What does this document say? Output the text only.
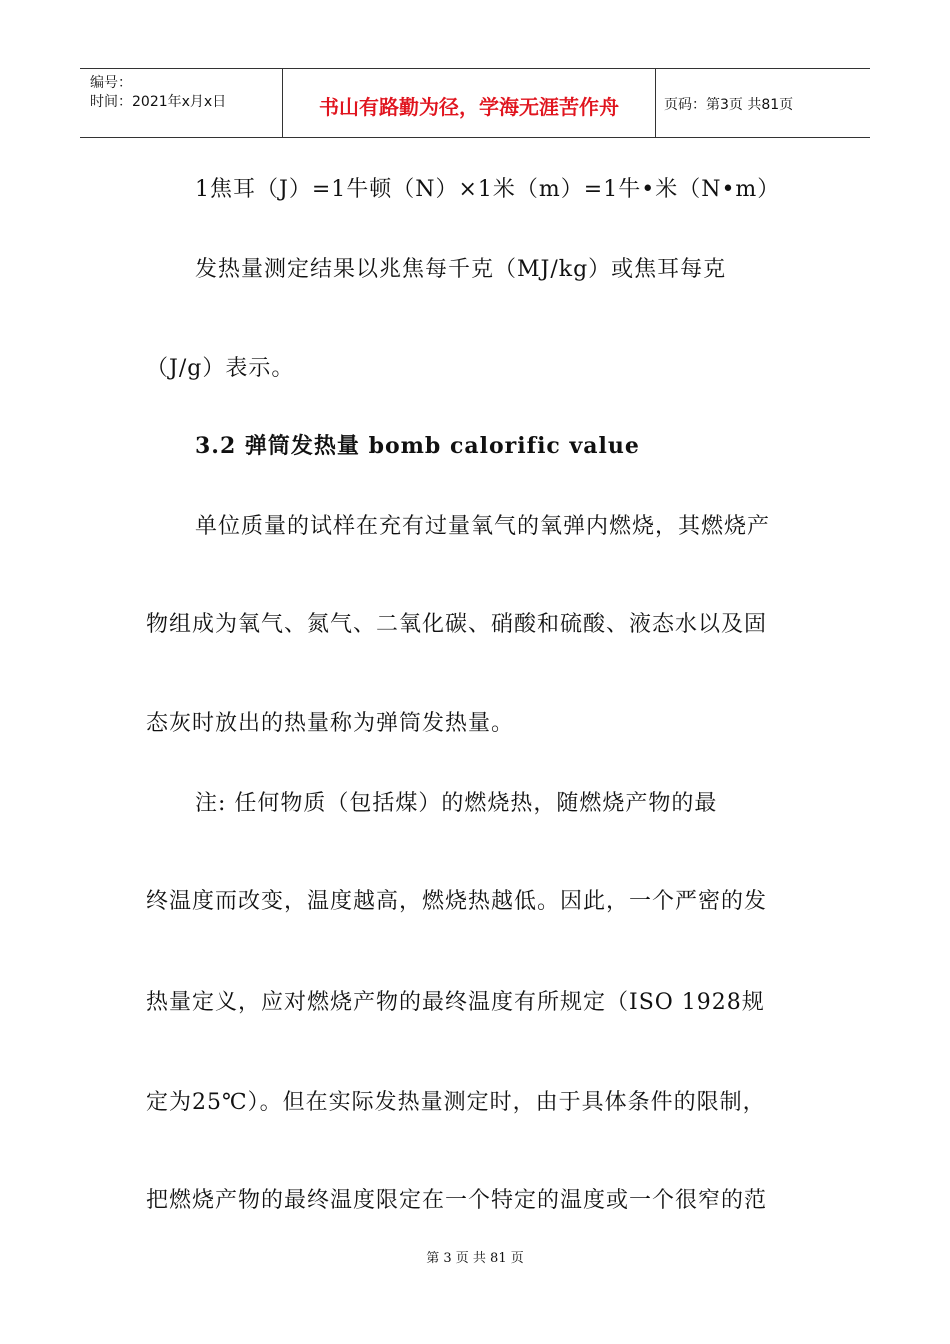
编号：
时间：2021年x月x日	书山有路勤为径，学海无涯苦作舟	页码：第3页 共81页
1焦耳（J）=1牛顿（N）×1米（m）=1牛•米（N•m）
发热量测定结果以兆焦每千克（MJ/kg）或焦耳每克
（J/g）表示。
3.2 弹筒发热量 bomb calorific value
单位质量的试样在充有过量氧气的氧弹内燃烧，其燃烧产
物组成为氧气、氮气、二氧化碳、硝酸和硫酸、液态水以及固
态灰时放出的热量称为弹筒发热量。
注: 任何物质（包括煤）的燃烧热，随燃烧产物的最
终温度而改变，温度越高，燃烧热越低。因此，一个严密的发
热量定义，应对燃烧产物的最终温度有所规定（ISO 1928规
定为25℃）。但在实际发热量测定时，由于具体条件的限制，
把燃烧产物的最终温度限定在一个特定的温度或一个很窄的范
第 3 页 共 81 页
